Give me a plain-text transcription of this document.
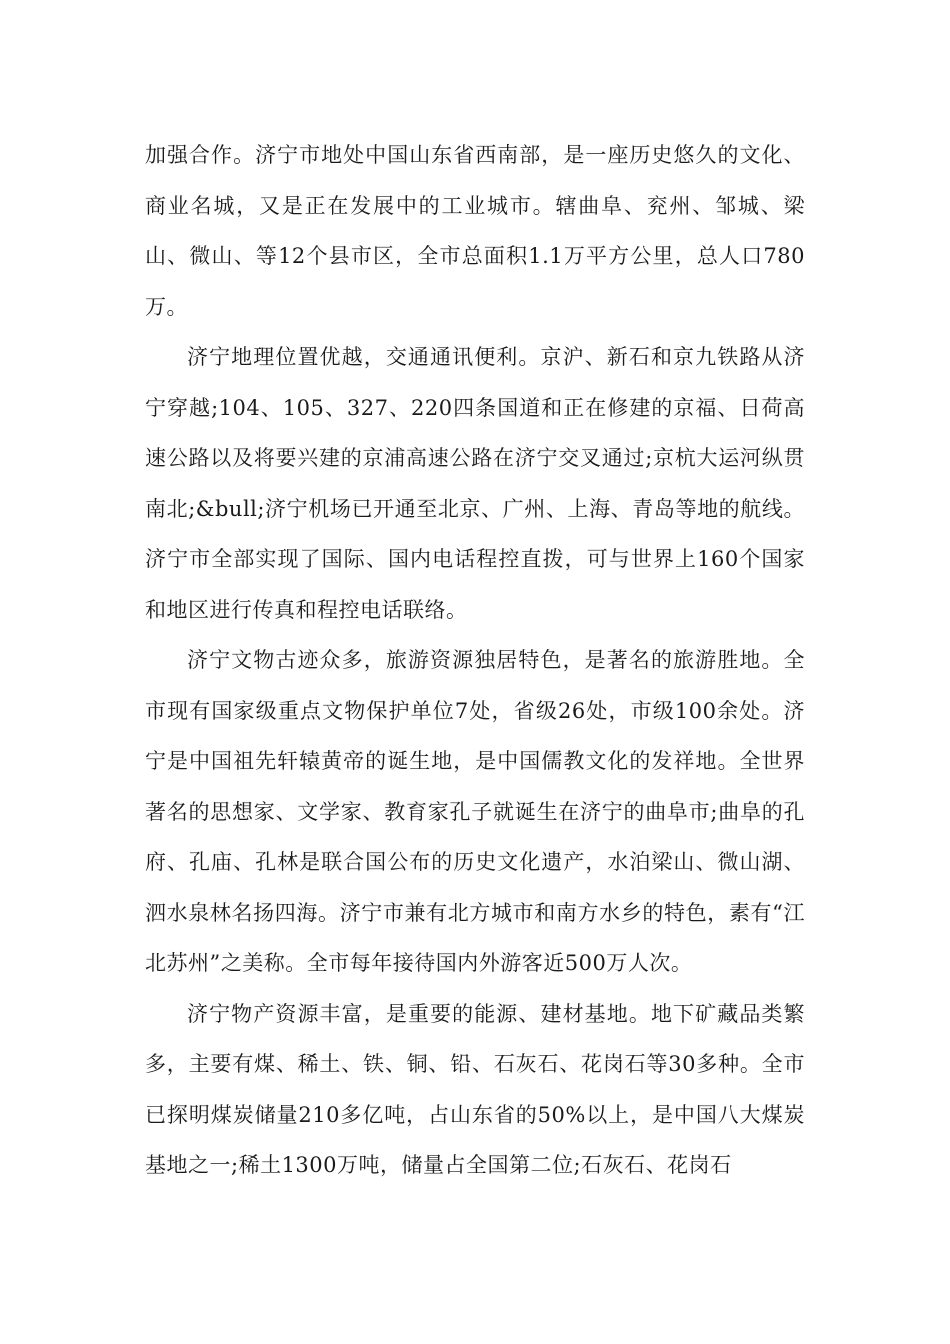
加强合作。济宁市地处中国山东省西南部，是一座历史悠久的文化、商业名城，又是正在发展中的工业城市。辖曲阜、兖州、邹城、梁山、微山、等12个县市区，全市总面积1.1万平方公里，总人口780万。

济宁地理位置优越，交通通讯便利。京沪、新石和京九铁路从济宁穿越;104、105、327、220四条国道和正在修建的京福、日荷高速公路以及将要兴建的京浦高速公路在济宁交叉通过;京杭大运河纵贯南北;&bull;济宁机场已开通至北京、广州、上海、青岛等地的航线。济宁市全部实现了国际、国内电话程控直拨，可与世界上160个国家和地区进行传真和程控电话联络。

济宁文物古迹众多，旅游资源独居特色，是著名的旅游胜地。全市现有国家级重点文物保护单位7处，省级26处，市级100余处。济宁是中国祖先轩辕黄帝的诞生地，是中国儒教文化的发祥地。全世界著名的思想家、文学家、教育家孔子就诞生在济宁的曲阜市;曲阜的孔府、孔庙、孔林是联合国公布的历史文化遗产，水泊梁山、微山湖、泗水泉林名扬四海。济宁市兼有北方城市和南方水乡的特色，素有“江北苏州”之美称。全市每年接待国内外游客近500万人次。

济宁物产资源丰富，是重要的能源、建材基地。地下矿藏品类繁多，主要有煤、稀土、铁、铜、铅、石灰石、花岗石等30多种。全市已探明煤炭储量210多亿吨，占山东省的50%以上，是中国八大煤炭基地之一;稀土1300万吨，储量占全国第二位;石灰石、花岗石
